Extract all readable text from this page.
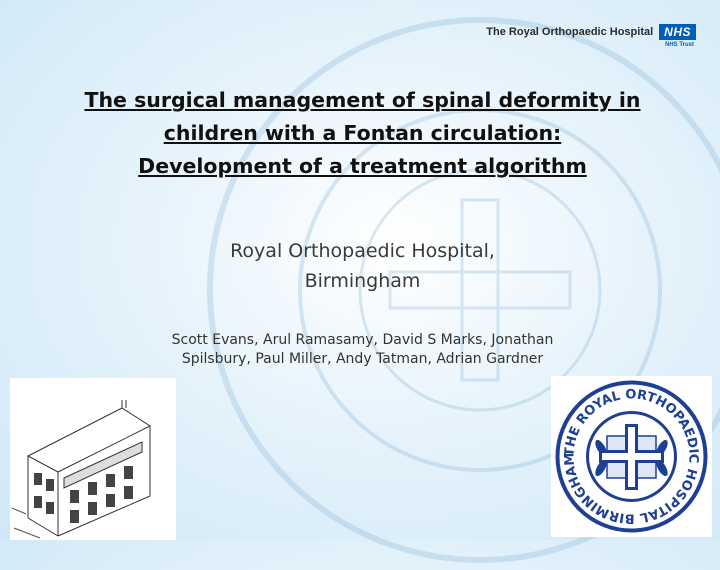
The Royal Orthopaedic Hospital NHS
NHS Trust
The surgical management of spinal deformity in
children with a Fontan circulation:
Development of a treatment algorithm
Royal Orthopaedic Hospital,
Birmingham
Scott Evans, Arul Ramasamy, David S Marks, Jonathan
Spilsbury, Paul Miller, Andy Tatman, Adrian Gardner
THE ROYAL ORTHOPAEDIC HOSPITAL BIRMINGHAM
